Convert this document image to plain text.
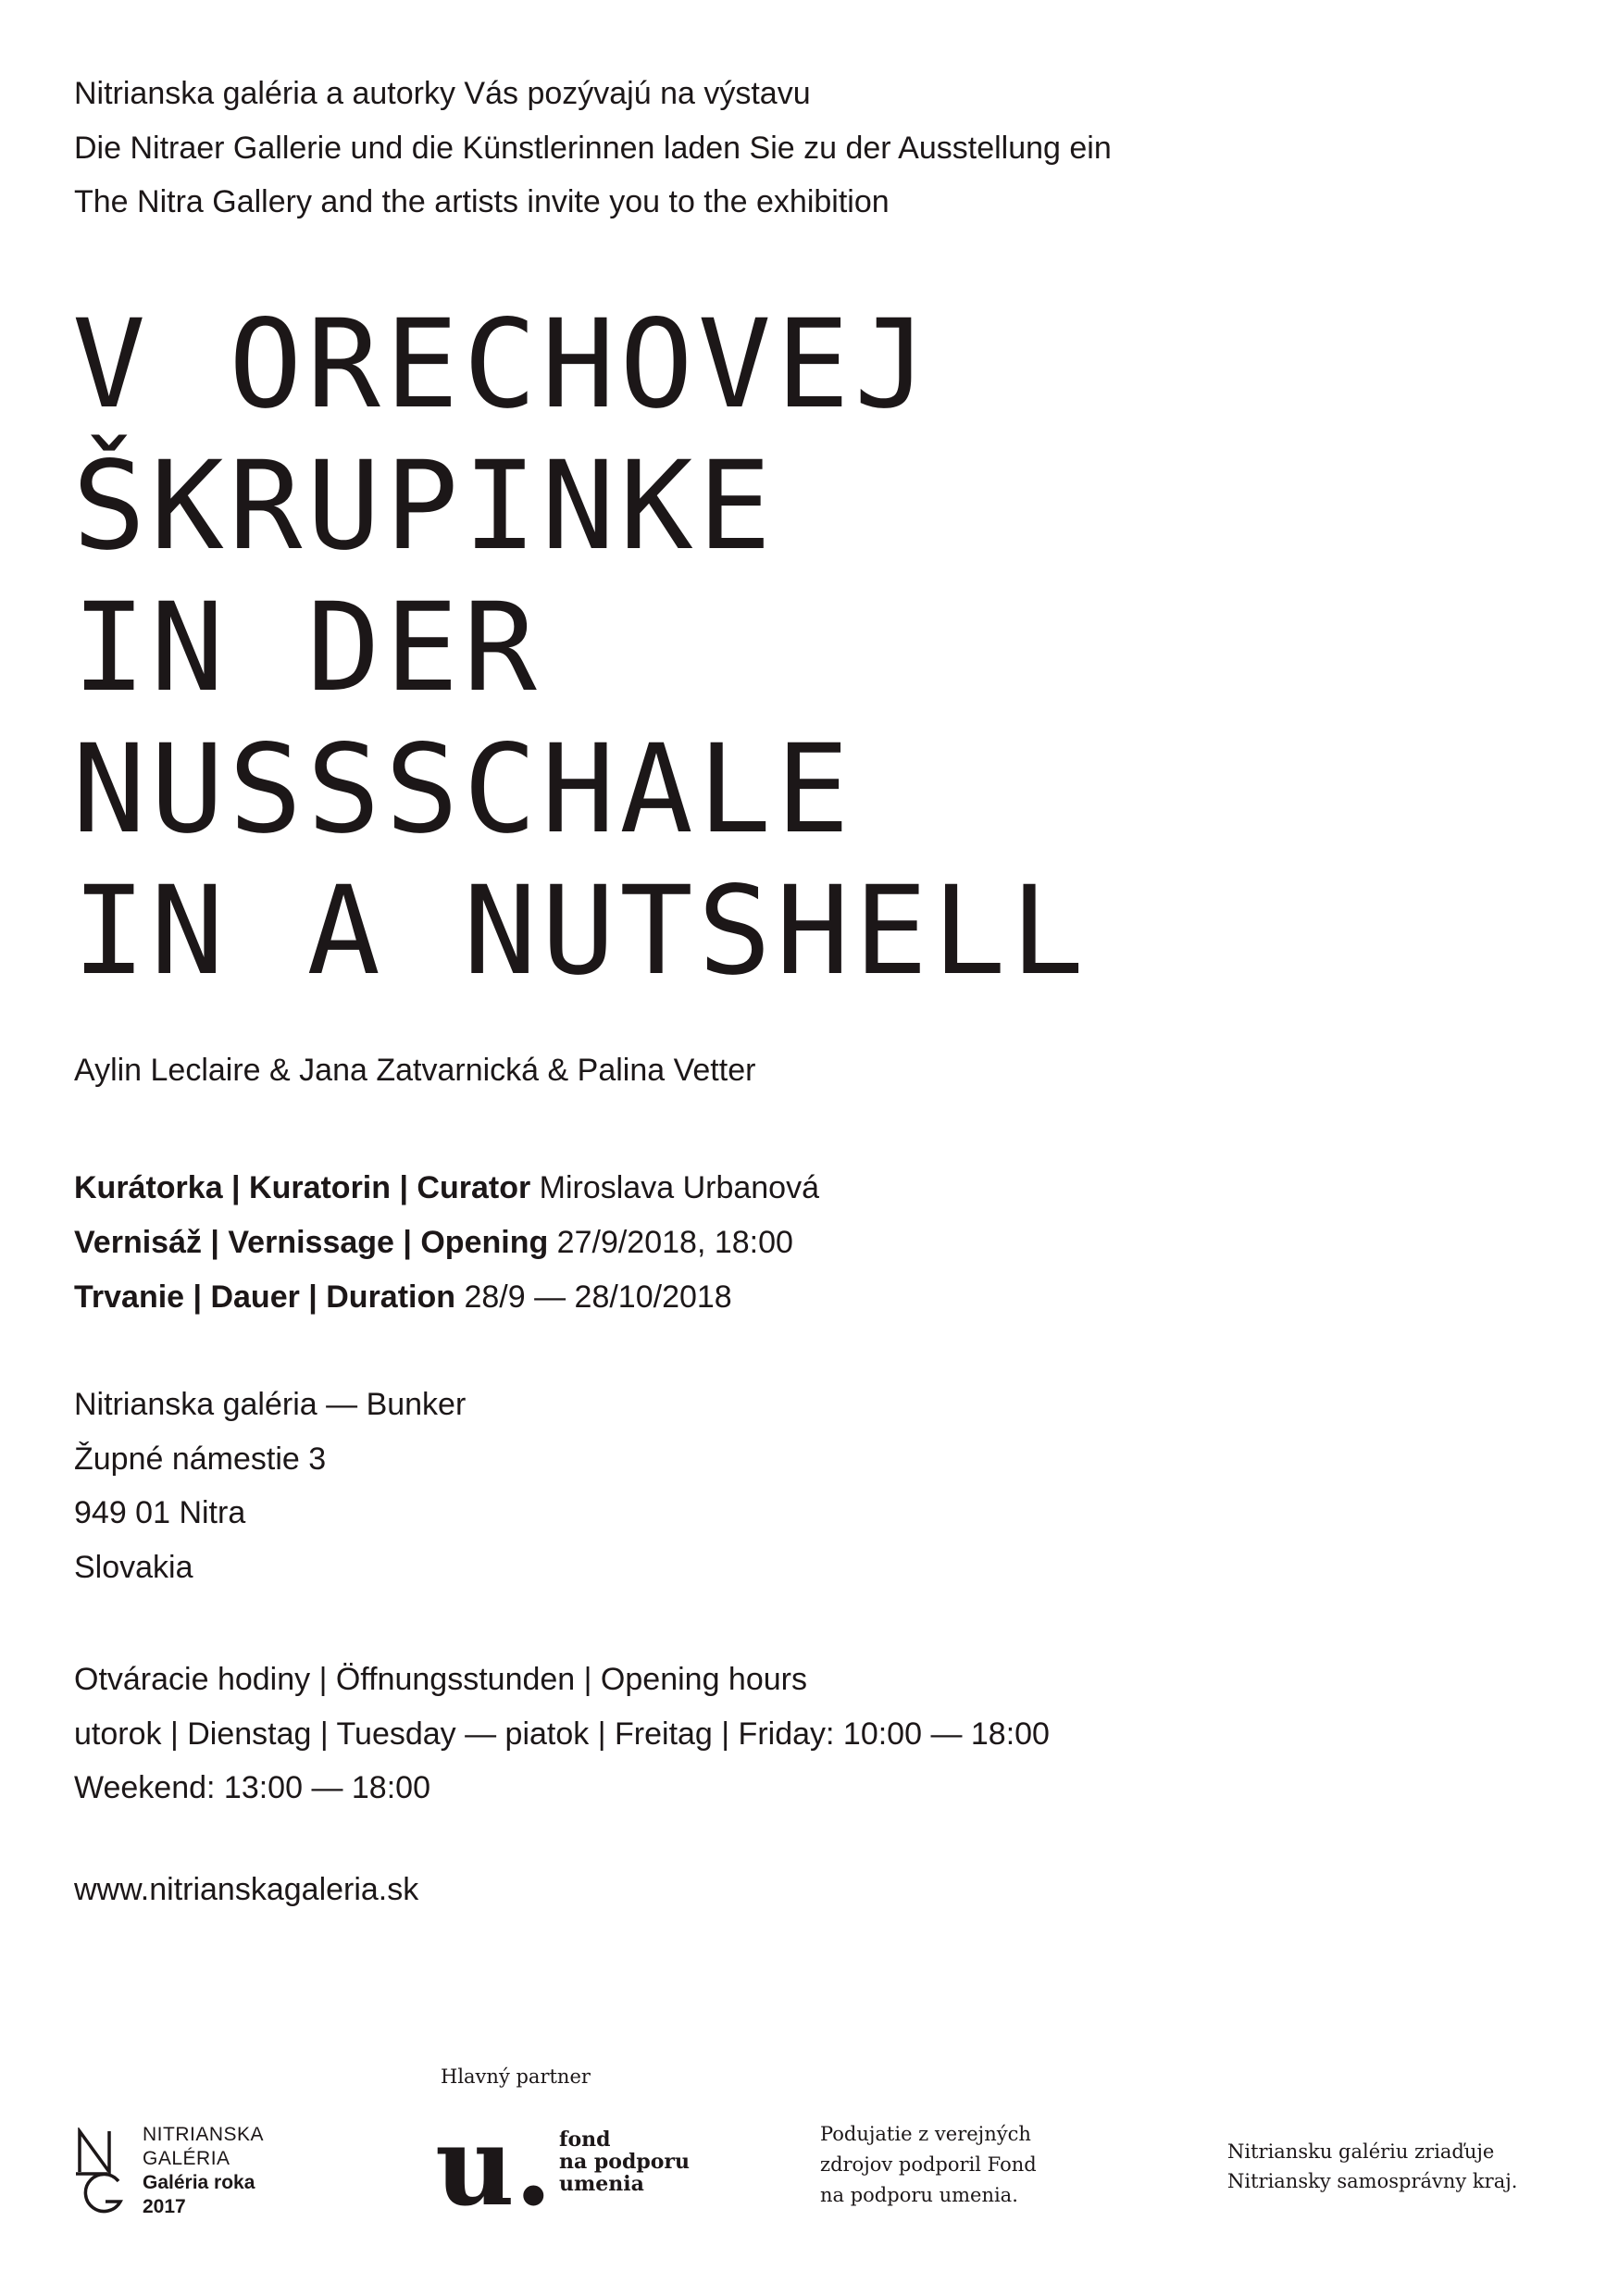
Nitrianska galéria a autorky Vás pozývajú na výstavu
Die Nitraer Gallerie und die Künstlerinnen laden Sie zu der Ausstellung ein
The Nitra Gallery and the artists invite you to the exhibition
V ORECHOVEJ
ŠKRUPINKE
IN DER
NUSSSCHALE
IN A NUTSHELL
Aylin Leclaire & Jana Zatvarnická & Palina Vetter
Kurátorka | Kuratorin | Curator Miroslava Urbanová
Vernisáž | Vernissage | Opening 27/9/2018, 18:00
Trvanie | Dauer | Duration 28/9 — 28/10/2018
Nitrianska galéria — Bunker
Župné námestie 3
949 01 Nitra
Slovakia
Otváracie hodiny | Öffnungsstunden | Opening hours
utorok | Dienstag | Tuesday — piatok | Freitag | Friday: 10:00 — 18:00
Weekend: 13:00 — 18:00
www.nitrianskagaleria.sk
NITRIANSKA
GALÉRIA
Galéria roka
2017
Hlavný partner
u. fond
na podporu
umenia
Podujatie z verejných
zdrojov podporil Fond
na podporu umenia.
Nitriansku galériu zriaďuje
Nitriansky samosprávny kraj.
